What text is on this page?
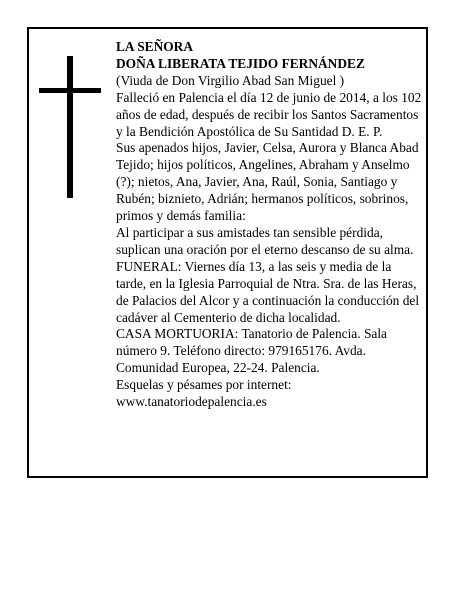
LA SEÑORA

DOÑA LIBERATA TEJIDO FERNÁNDEZ

(Viuda de Don Virgilio Abad San Miguel )

Falleció en Palencia el día 12 de junio de 2014, a los 102 años de edad, después de recibir los Santos Sacramentos y la Bendición Apostólica de Su Santidad D. E. P.

Sus apenados hijos, Javier, Celsa, Aurora y Blanca Abad Tejido; hijos políticos, Angelines, Abraham y Anselmo (?); nietos, Ana, Javier, Ana, Raúl, Sonia, Santiago y Rubén; biznieto, Adrián; hermanos políticos, sobrinos, primos y demás familia:

Al participar a sus amistades tan sensible pérdida, suplican una oración por el eterno descanso de su alma.

FUNERAL: Viernes día 13, a las seis y media de la tarde, en la Iglesia Parroquial de Ntra. Sra. de las Heras, de Palacios del Alcor y a continuación la conducción del cadáver al Cementerio de dicha localidad.

CASA MORTUORIA: Tanatorio de Palencia. Sala número 9. Teléfono directo: 979165176. Avda. Comunidad Europea, 22-24. Palencia.

Esquelas y pésames por internet:

www.tanatoriodepalencia.es
